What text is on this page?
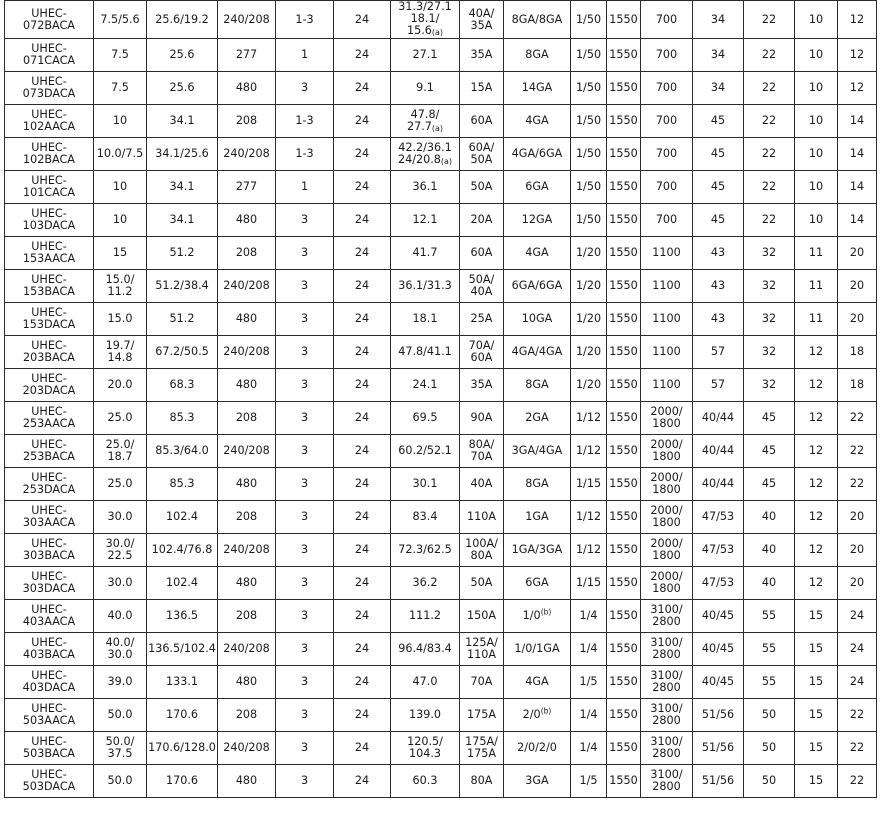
UHEC-
072BACA	7.5/5.6	25.6/19.2	240/208	1-3	24	31.3/27.1
18.1/
15.6(a)	40A/
35A	8GA/8GA	1/50	1550	700	34	22	10	12
UHEC-
071CACA	7.5	25.6	277	1	24	27.1	35A	8GA	1/50	1550	700	34	22	10	12
UHEC-
073DACA	7.5	25.6	480	3	24	9.1	15A	14GA	1/50	1550	700	34	22	10	12
UHEC-
102AACA	10	34.1	208	1-3	24	47.8/
27.7(a)	60A	4GA	1/50	1550	700	45	22	10	14
UHEC-
102BACA	10.0/7.5	34.1/25.6	240/208	1-3	24	42.2/36.1
24/20.8(a)	60A/
50A	4GA/6GA	1/50	1550	700	45	22	10	14
UHEC-
101CACA	10	34.1	277	1	24	36.1	50A	6GA	1/50	1550	700	45	22	10	14
UHEC-
103DACA	10	34.1	480	3	24	12.1	20A	12GA	1/50	1550	700	45	22	10	14
UHEC-
153AACA	15	51.2	208	3	24	41.7	60A	4GA	1/20	1550	1100	43	32	11	20
UHEC-
153BACA	15.0/
11.2	51.2/38.4	240/208	3	24	36.1/31.3	50A/
40A	6GA/6GA	1/20	1550	1100	43	32	11	20
UHEC-
153DACA	15.0	51.2	480	3	24	18.1	25A	10GA	1/20	1550	1100	43	32	11	20
UHEC-
203BACA	19.7/
14.8	67.2/50.5	240/208	3	24	47.8/41.1	70A/
60A	4GA/4GA	1/20	1550	1100	57	32	12	18
UHEC-
203DACA	20.0	68.3	480	3	24	24.1	35A	8GA	1/20	1550	1100	57	32	12	18
UHEC-
253AACA	25.0	85.3	208	3	24	69.5	90A	2GA	1/12	1550	2000/
1800	40/44	45	12	22
UHEC-
253BACA	25.0/
18.7	85.3/64.0	240/208	3	24	60.2/52.1	80A/
70A	3GA/4GA	1/12	1550	2000/
1800	40/44	45	12	22
UHEC-
253DACA	25.0	85.3	480	3	24	30.1	40A	8GA	1/15	1550	2000/
1800	40/44	45	12	22
UHEC-
303AACA	30.0	102.4	208	3	24	83.4	110A	1GA	1/12	1550	2000/
1800	47/53	40	12	20
UHEC-
303BACA	30.0/
22.5	102.4/76.8	240/208	3	24	72.3/62.5	100A/
80A	1GA/3GA	1/12	1550	2000/
1800	47/53	40	12	20
UHEC-
303DACA	30.0	102.4	480	3	24	36.2	50A	6GA	1/15	1550	2000/
1800	47/53	40	12	20
UHEC-
403AACA	40.0	136.5	208	3	24	111.2	150A	1/0$^{(b)}$	1/4	1550	3100/
2800	40/45	55	15	24
UHEC-
403BACA	40.0/
30.0	136.5/102.4	240/208	3	24	96.4/83.4	125A/
110A	1/0/1GA	1/4	1550	3100/
2800	40/45	55	15	24
UHEC-
403DACA	39.0	133.1	480	3	24	47.0	70A	4GA	1/5	1550	3100/
2800	40/45	55	15	24
UHEC-
503AACA	50.0	170.6	208	3	24	139.0	175A	2/0$^{(b)}$	1/4	1550	3100/
2800	51/56	50	15	22
UHEC-
503BACA	50.0/
37.5	170.6/128.0	240/208	3	24	120.5/
104.3	175A/
175A	2/0/2/0	1/4	1550	3100/
2800	51/56	50	15	22
UHEC-
503DACA	50.0	170.6	480	3	24	60.3	80A	3GA	1/5	1550	3100/
2800	51/56	50	15	22
